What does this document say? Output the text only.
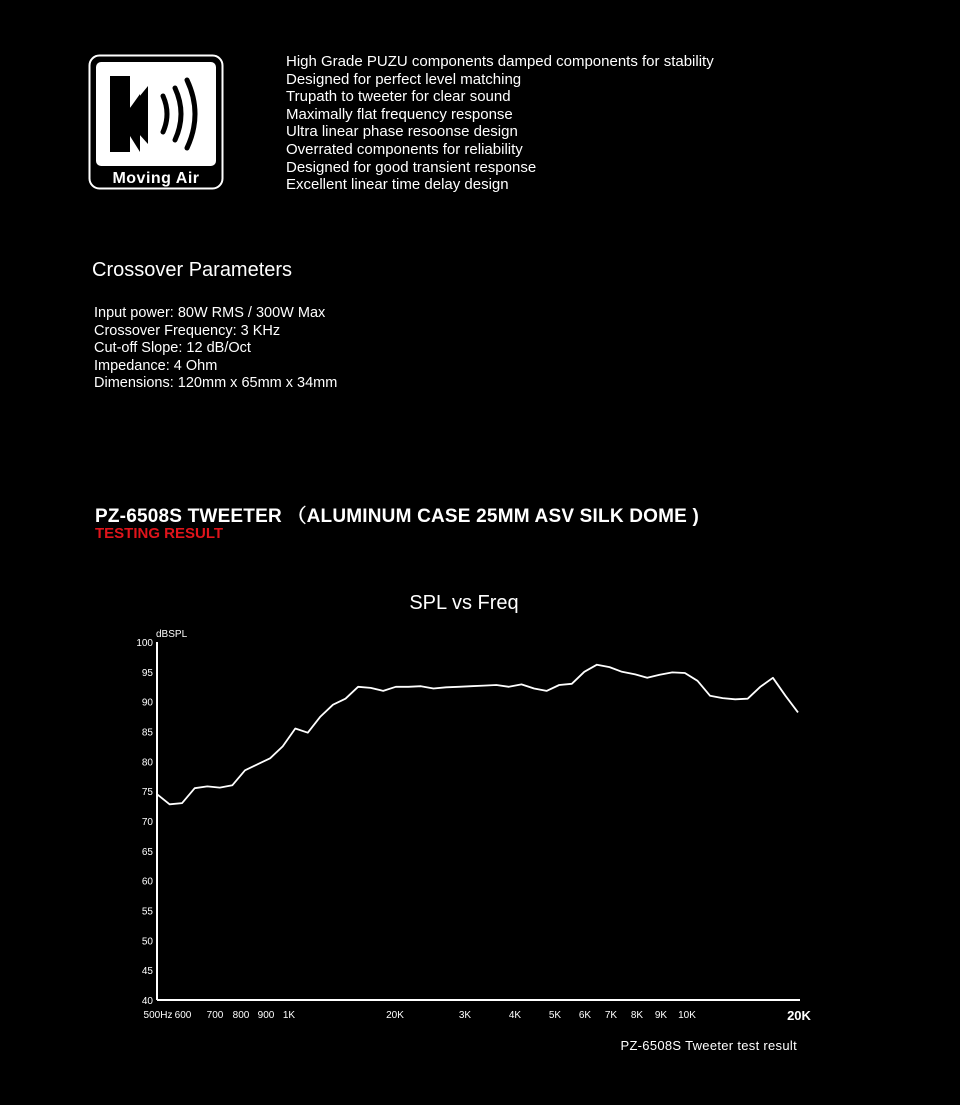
Moving Air
High Grade PUZU components damped components for stability
Designed for perfect level matching
Trupath to tweeter for clear sound
Maximally flat frequency response
Ultra linear phase resoonse design
Overrated components for reliability
Designed for good transient response
Excellent linear time delay design
Crossover Parameters
Input power: 80W RMS / 300W Max
Crossover Frequency: 3 KHz
Cut-off Slope: 12 dB/Oct
Impedance: 4 Ohm
Dimensions: 120mm x 65mm x 34mm
PZ-6508S TWEETER （ALUMINUM CASE 25MM ASV SILK DOME )
TESTING RESULT
SPL vs Freq
dBSPL
100
95
90
85
80
75
70
65
60
55
50
45
40
500Hz 600 700 800 900 1K	20K	3K	4K	5K 6K 7K 8K 9K 10K	20K
PZ-6508S Tweeter test result
